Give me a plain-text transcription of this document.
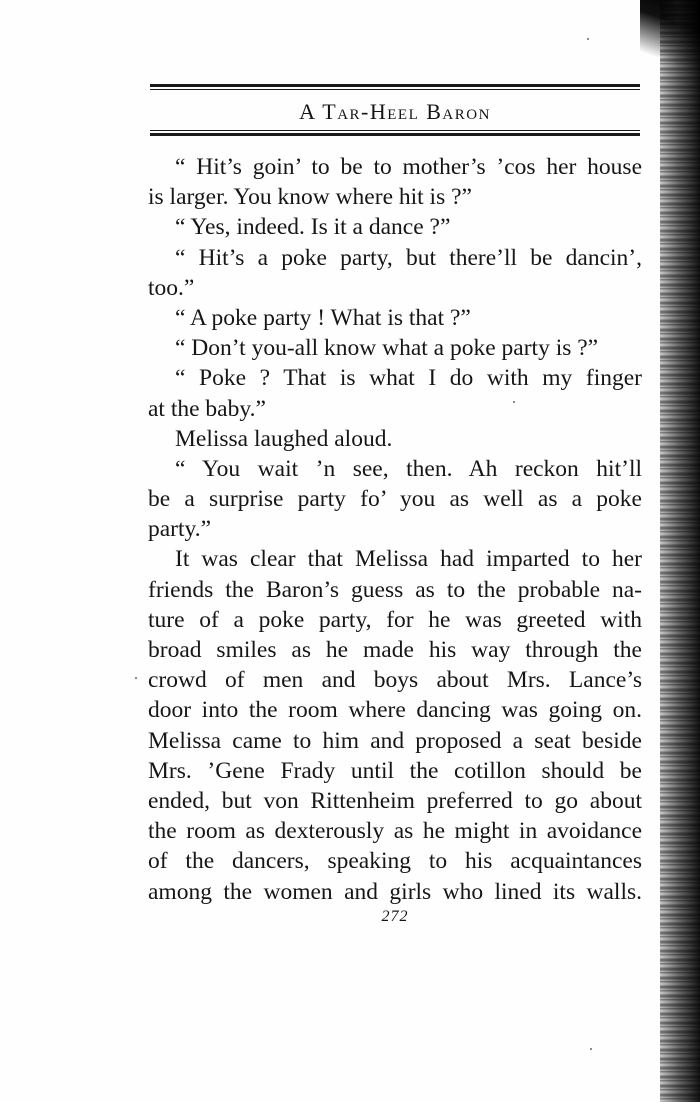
A Tar-Heel Baron
“ Hit’s goin’ to be to mother’s ’cos her house
is larger. You know where hit is ?”
“ Yes, indeed. Is it a dance ?”
“ Hit’s a poke party, but there’ll be dancin’,
too.”
“ A poke party ! What is that ?”
“ Don’t you-all know what a poke party is ?”
“ Poke ? That is what I do with my finger
at the baby.”
Melissa laughed aloud.
“ You wait ’n see, then. Ah reckon hit’ll
be a surprise party fo’ you as well as a poke
party.”
It was clear that Melissa had imparted to her
friends the Baron’s guess as to the probable na-
ture of a poke party, for he was greeted with
broad smiles as he made his way through the
crowd of men and boys about Mrs. Lance’s
door into the room where dancing was going on.
Melissa came to him and proposed a seat beside
Mrs. ’Gene Frady until the cotillon should be
ended, but von Rittenheim preferred to go about
the room as dexterously as he might in avoidance
of the dancers, speaking to his acquaintances
among the women and girls who lined its walls.
272
